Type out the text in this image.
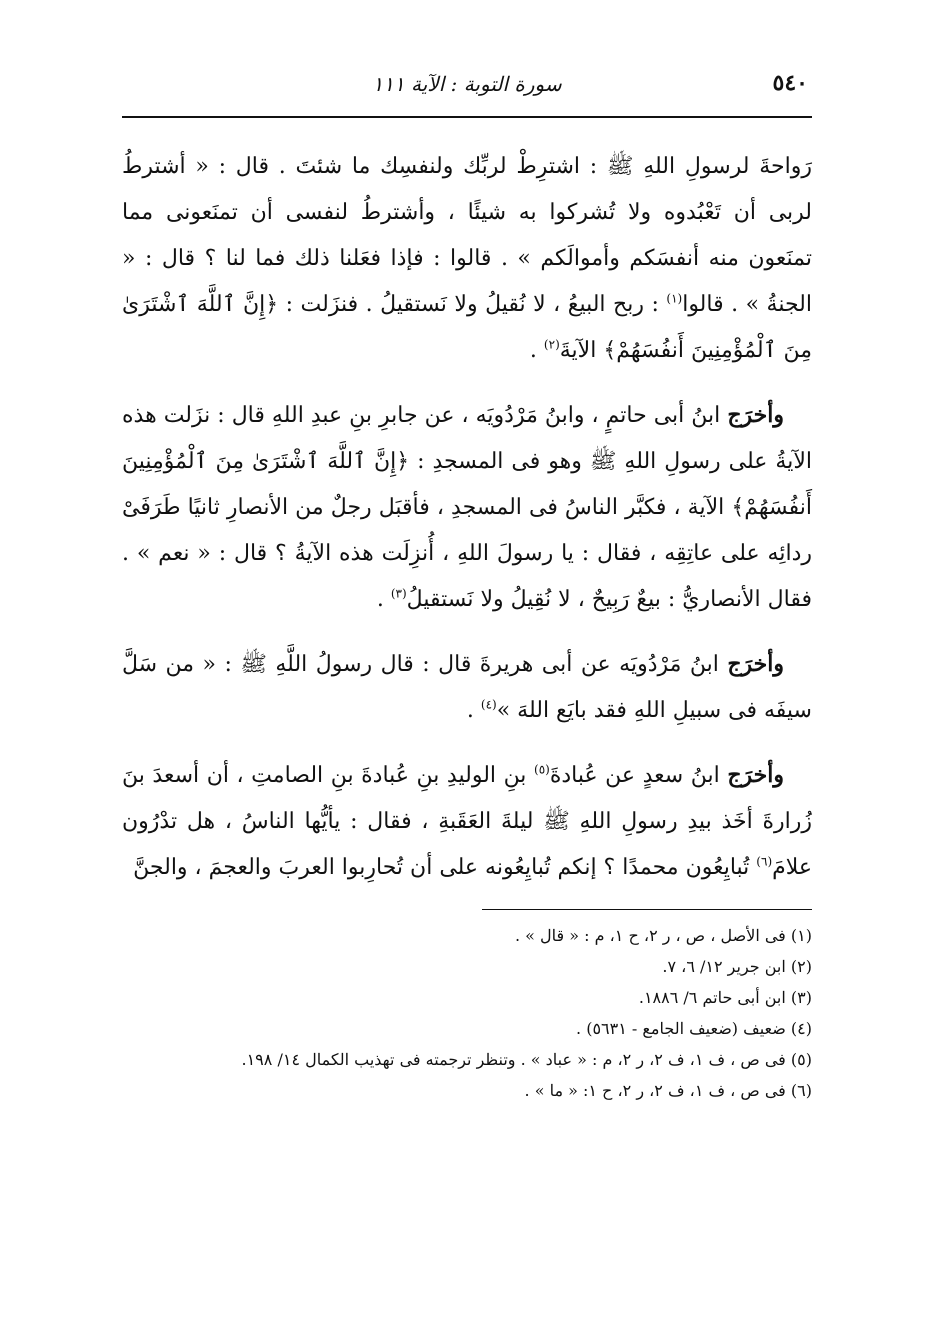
٥٤٠
سورة التوبة : الآية ١١١

رَواحةَ لرسولِ اللهِ ﷺ : اشترِطْ لربِّك ولنفسِك ما شئتَ . قال : « أشترطُ لربى أن تَعْبُدوه ولا تُشركوا به شيئًا ، وأشترطُ لنفسى أن تمنَعونى مما تمنَعون منه أنفسَكم وأموالَكم » . قالوا : فإذا فعَلنا ذلك فما لنا ؟ قال : « الجنةُ » . قالوا$^{(١)}$ : ربح البيعُ ، لا نُقيلُ ولا نَستقيلُ . فنزَلت : ﴿إِنَّ ٱللَّهَ ٱشْتَرَىٰ مِنَ ٱلْمُؤْمِنِينَ أَنفُسَهُمْ﴾ الآيةَ$^{(٢)}$ .

وأخرَج ابنُ أبى حاتمٍ ، وابنُ مَرْدُويَه ، عن جابرِ بنِ عبدِ اللهِ قال : نزَلت هذه الآيةُ على رسولِ اللهِ ﷺ وهو فى المسجدِ : ﴿إِنَّ ٱللَّهَ ٱشْتَرَىٰ مِنَ ٱلْمُؤْمِنِينَ أَنفُسَهُمْ﴾ الآية ، فكبَّر الناسُ فى المسجدِ ، فأقبَل رجلٌ من الأنصارِ ثانيًا طَرَفَىْ ردائِه على عاتِقِه ، فقال : يا رسولَ اللهِ ، أُنزِلَت هذه الآيةُ ؟ قال : « نعم » . فقال الأنصاريُّ : بيعٌ رَبِيحٌ ، لا نُقِيلُ ولا نَستقيلُ$^{(٣)}$ .

وأخرَج ابنُ مَرْدُويَه عن أبى هريرةَ قال : قال رسولُ اللَّهِ ﷺ : « من سَلَّ سيفَه فى سبيلِ اللهِ فقد بايَع اللهَ »$^{(٤)}$ .

وأخرَج ابنُ سعدٍ عن عُبادةَ$^{(٥)}$ بنِ الوليدِ بنِ عُبادةَ بنِ الصامتِ ، أن أسعدَ بنَ زُرارةَ أخَذ بيدِ رسولِ اللهِ ﷺ ليلةَ العَقَبةِ ، فقال : يأيُّها الناسُ ، هل تدْرُون علامَ$^{(٦)}$ تُبايِعُون محمدًا ؟ إنكم تُبايِعُونه على أن تُحارِبوا العربَ والعجمَ ، والجنَّ

(١) فى الأصل ، ص ، ر ٢، ح ١، م : « قال » .
(٢) ابن جرير ١٢/ ٦، ٧.
(٣) ابن أبى حاتم ٦/ ١٨٨٦.
(٤) ضعيف (ضعيف الجامع - ٥٦٣١) .
(٥) فى ص ، ف ١، ف ٢، ر ٢، م : « عباد » . وتنظر ترجمته فى تهذيب الكمال ١٤/ ١٩٨.
(٦) فى ص ، ف ١، ف ٢، ر ٢، ح ١: « ما » .
